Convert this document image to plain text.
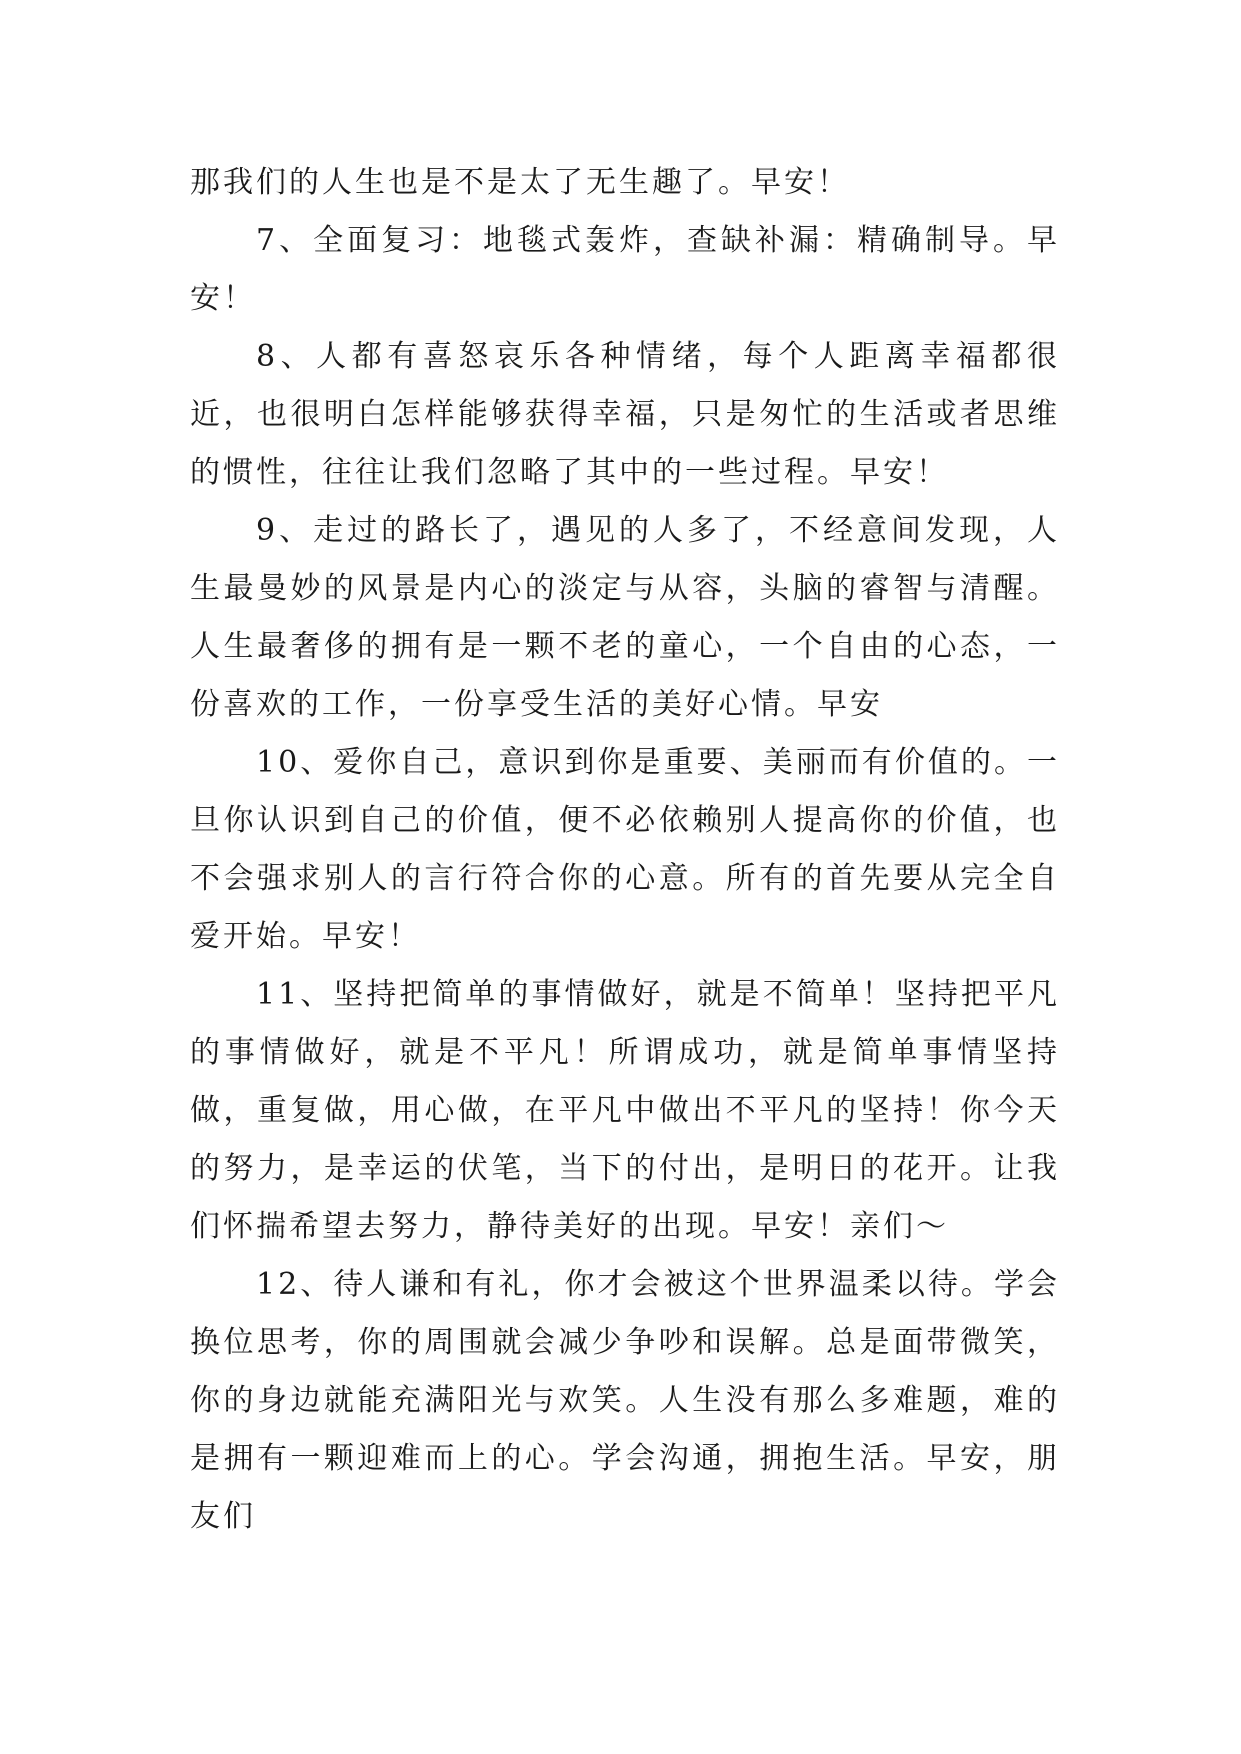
那我们的人生也是不是太了无生趣了。早安！

7、全面复习：地毯式轰炸，查缺补漏：精确制导。早安！

8、人都有喜怒哀乐各种情绪，每个人距离幸福都很近，也很明白怎样能够获得幸福，只是匆忙的生活或者思维的惯性，往往让我们忽略了其中的一些过程。早安！

9、走过的路长了，遇见的人多了，不经意间发现，人生最曼妙的风景是内心的淡定与从容，头脑的睿智与清醒。人生最奢侈的拥有是一颗不老的童心，一个自由的心态，一份喜欢的工作，一份享受生活的美好心情。早安

10、爱你自己，意识到你是重要、美丽而有价值的。一旦你认识到自己的价值，便不必依赖别人提高你的价值，也不会强求别人的言行符合你的心意。所有的首先要从完全自爱开始。早安！

11、坚持把简单的事情做好，就是不简单！坚持把平凡的事情做好，就是不平凡！所谓成功，就是简单事情坚持做，重复做，用心做，在平凡中做出不平凡的坚持！你今天的努力，是幸运的伏笔，当下的付出，是明日的花开。让我们怀揣希望去努力，静待美好的出现。早安！亲们～

12、待人谦和有礼，你才会被这个世界温柔以待。学会换位思考，你的周围就会减少争吵和误解。总是面带微笑，你的身边就能充满阳光与欢笑。人生没有那么多难题，难的是拥有一颗迎难而上的心。学会沟通，拥抱生活。早安，朋友们
